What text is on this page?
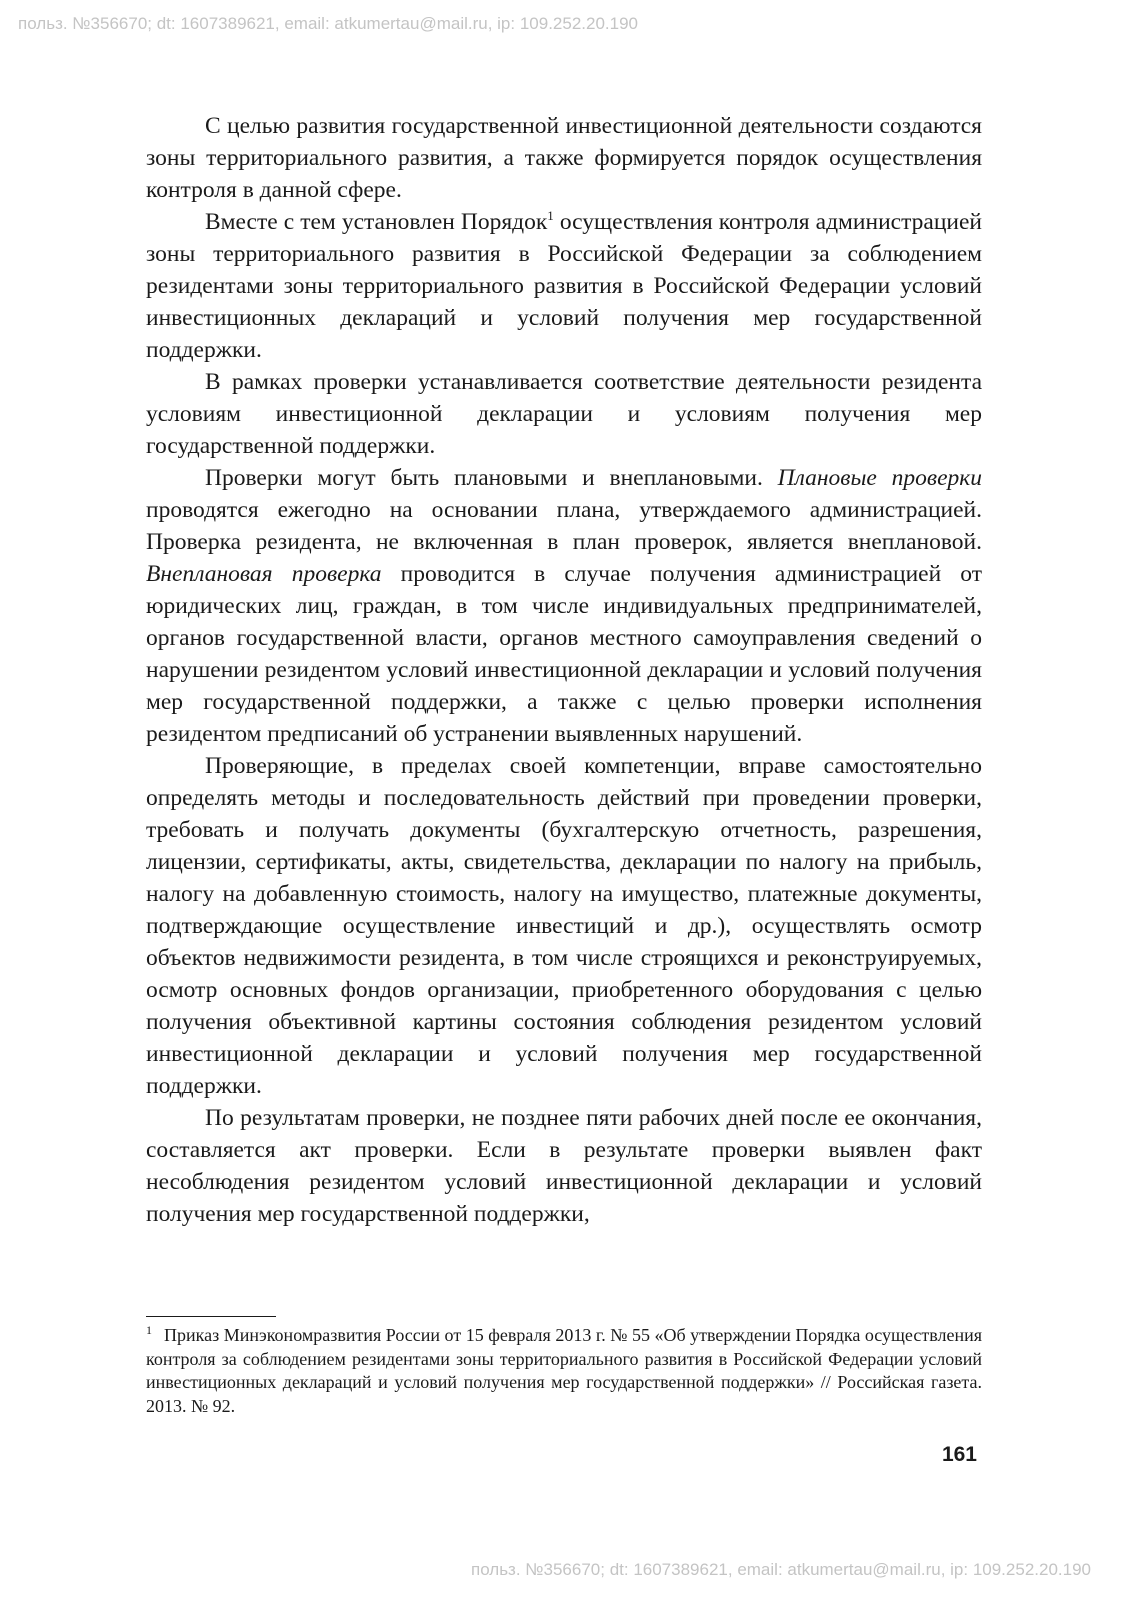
польз. №356670; dt: 1607389621, email: atkumertau@mail.ru, ip: 109.252.20.190

С целью развития государственной инвестиционной деятельности создаются зоны территориального развития, а также формируется порядок осуществления контроля в данной сфере.

Вместе с тем установлен Порядок$^1$ осуществления контроля администрацией зоны территориального развития в Российской Федерации за соблюдением резидентами зоны территориального развития в Российской Федерации условий инвестиционных деклараций и условий получения мер государственной поддержки.

В рамках проверки устанавливается соответствие деятельности резидента условиям инвестиционной декларации и условиям получения мер государственной поддержки.

Проверки могут быть плановыми и внеплановыми. Плановые проверки проводятся ежегодно на основании плана, утверждаемого администрацией. Проверка резидента, не включенная в план проверок, является внеплановой. Внеплановая проверка проводится в случае получения администрацией от юридических лиц, граждан, в том числе индивидуальных предпринимателей, органов государственной власти, органов местного самоуправления сведений о нарушении резидентом условий инвестиционной декларации и условий получения мер государственной поддержки, а также с целью проверки исполнения резидентом предписаний об устранении выявленных нарушений.

Проверяющие, в пределах своей компетенции, вправе самостоятельно определять методы и последовательность действий при проведении проверки, требовать и получать документы (бухгалтерскую отчетность, разрешения, лицензии, сертификаты, акты, свидетельства, декларации по налогу на прибыль, налогу на добавленную стоимость, налогу на имущество, платежные документы, подтверждающие осуществление инвестиций и др.), осуществлять осмотр объектов недвижимости резидента, в том числе строящихся и реконструируемых, осмотр основных фондов организации, приобретенного оборудования с целью получения объективной картины состояния соблюдения резидентом условий инвестиционной декларации и условий получения мер государственной поддержки.

По результатам проверки, не позднее пяти рабочих дней после ее окончания, составляется акт проверки. Если в результате проверки выявлен факт несоблюдения резидентом условий инвестиционной декларации и условий получения мер государственной поддержки,

$^1$ Приказ Минэкономразвития России от 15 февраля 2013 г. № 55 «Об утверждении Порядка осуществления контроля за соблюдением резидентами зоны территориального развития в Российской Федерации условий инвестиционных деклараций и условий получения мер государственной поддержки» // Российская газета. 2013. № 92.

161
польз. №356670; dt: 1607389621, email: atkumertau@mail.ru, ip: 109.252.20.190
